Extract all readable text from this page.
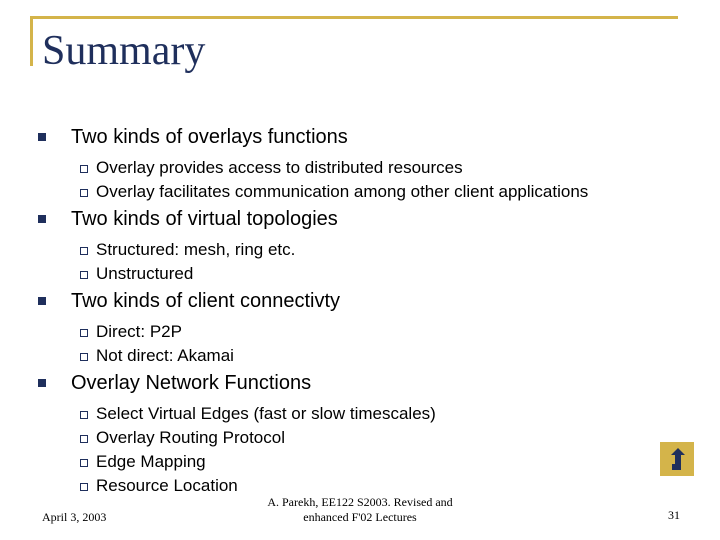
Summary
Two kinds of overlays functions
Overlay provides access to distributed resources
Overlay facilitates communication among other client applications
Two kinds of virtual topologies
Structured: mesh, ring etc.
Unstructured
Two kinds of client connectivty
Direct: P2P
Not direct: Akamai
Overlay Network Functions
Select Virtual Edges (fast or slow timescales)
Overlay Routing Protocol
Edge Mapping
Resource Location
April 3, 2003
A. Parekh, EE122 S2003. Revised and
enhanced F'02 Lectures	31
